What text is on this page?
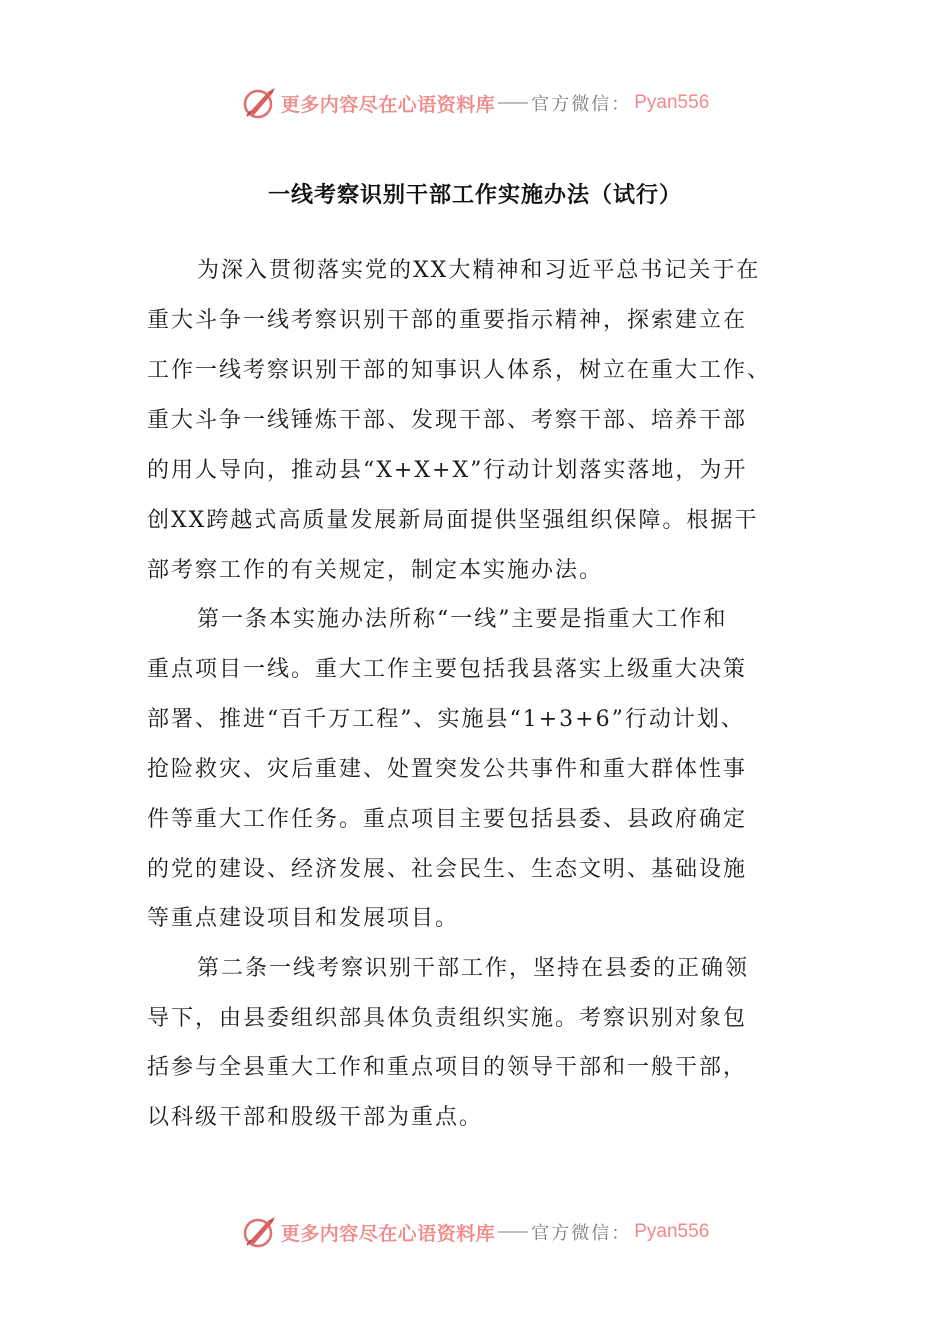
更多内容尽在心语资料库 官方微信： Pyan556
一线考察识别干部工作实施办法（试行）

为深入贯彻落实党的XX大精神和习近平总书记关于在

重大斗争一线考察识别干部的重要指示精神，探索建立在

工作一线考察识别干部的知事识人体系，树立在重大工作、

重大斗争一线锤炼干部、发现干部、考察干部、培养干部

的用人导向，推动县“X+X+X”行动计划落实落地，为开

创XX跨越式高质量发展新局面提供坚强组织保障。根据干

部考察工作的有关规定，制定本实施办法。

第一条本实施办法所称“一线”主要是指重大工作和

重点项目一线。重大工作主要包括我县落实上级重大决策

部署、推进“百千万工程”、实施县“1+3+6”行动计划、

抢险救灾、灾后重建、处置突发公共事件和重大群体性事

件等重大工作任务。重点项目主要包括县委、县政府确定

的党的建设、经济发展、社会民生、生态文明、基础设施

等重点建设项目和发展项目。

第二条一线考察识别干部工作，坚持在县委的正确领

导下，由县委组织部具体负责组织实施。考察识别对象包

括参与全县重大工作和重点项目的领导干部和一般干部，

以科级干部和股级干部为重点。

更多内容尽在心语资料库 官方微信： Pyan556
